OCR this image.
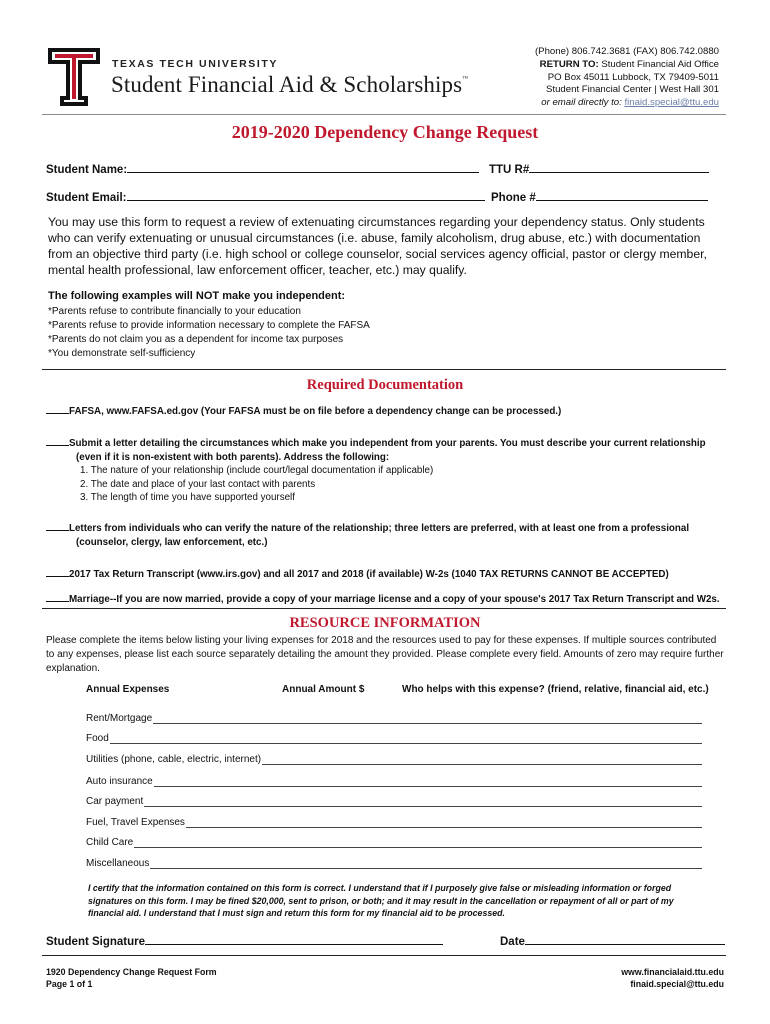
TEXAS TECH UNIVERSITY
Student Financial Aid & Scholarships™
(Phone) 806.742.3681 (FAX) 806.742.0880
RETURN TO: Student Financial Aid Office
PO Box 45011 Lubbock, TX 79409-5011
Student Financial Center | West Hall 301
or email directly to: finaid.special@ttu.edu
2019-2020 Dependency Change Request
Student Name:	TTU R#
Student Email:	Phone #
You may use this form to request a review of extenuating circumstances regarding your dependency status. Only students who can verify extenuating or unusual circumstances (i.e. abuse, family alcoholism, drug abuse, etc.) with documentation from an objective third party (i.e. high school or college counselor, social services agency official, pastor or clergy member, mental health professional, law enforcement officer, teacher, etc.) may qualify.
The following examples will NOT make you independent:
*Parents refuse to contribute financially to your education
*Parents refuse to provide information necessary to complete the FAFSA
*Parents do not claim you as a dependent for income tax purposes
*You demonstrate self-sufficiency
Required Documentation
FAFSA, www.FAFSA.ed.gov (Your FAFSA must be on file before a dependency change can be processed.)
Submit a letter detailing the circumstances which make you independent from your parents. You must describe your current relationship
(even if it is non-existent with both parents). Address the following:
1. The nature of your relationship (include court/legal documentation if applicable)
2. The date and place of your last contact with parents
3. The length of time you have supported yourself
Letters from individuals who can verify the nature of the relationship; three letters are preferred, with at least one from a professional
(counselor, clergy, law enforcement, etc.)
2017 Tax Return Transcript (www.irs.gov) and all 2017 and 2018 (if available) W-2s (1040 TAX RETURNS CANNOT BE ACCEPTED)
Marriage--If you are now married, provide a copy of your marriage license and a copy of your spouse's 2017 Tax Return Transcript and W2s.
RESOURCE INFORMATION
Please complete the items below listing your living expenses for 2018 and the resources used to pay for these expenses. If multiple sources contributed to any expenses, please list each source separately detailing the amount they provided. Please complete every field. Amounts of zero may require further explanation.
Annual Expenses	Annual Amount $	Who helps with this expense? (friend, relative, financial aid, etc.)
Rent/Mortgage
Food
Utilities (phone, cable, electric, internet)
Auto insurance
Car payment
Fuel, Travel Expenses
Child Care
Miscellaneous
I certify that the information contained on this form is correct. I understand that if I purposely give false or misleading information or forged signatures on this form. I may be fined $20,000, sent to prison, or both; and it may result in the cancellation or repayment of all or part of my financial aid. I understand that I must sign and return this form for my financial aid to be processed.
Student Signature	Date
1920 Dependency Change Request Form
Page 1 of 1
www.financialaid.ttu.edu
finaid.special@ttu.edu
